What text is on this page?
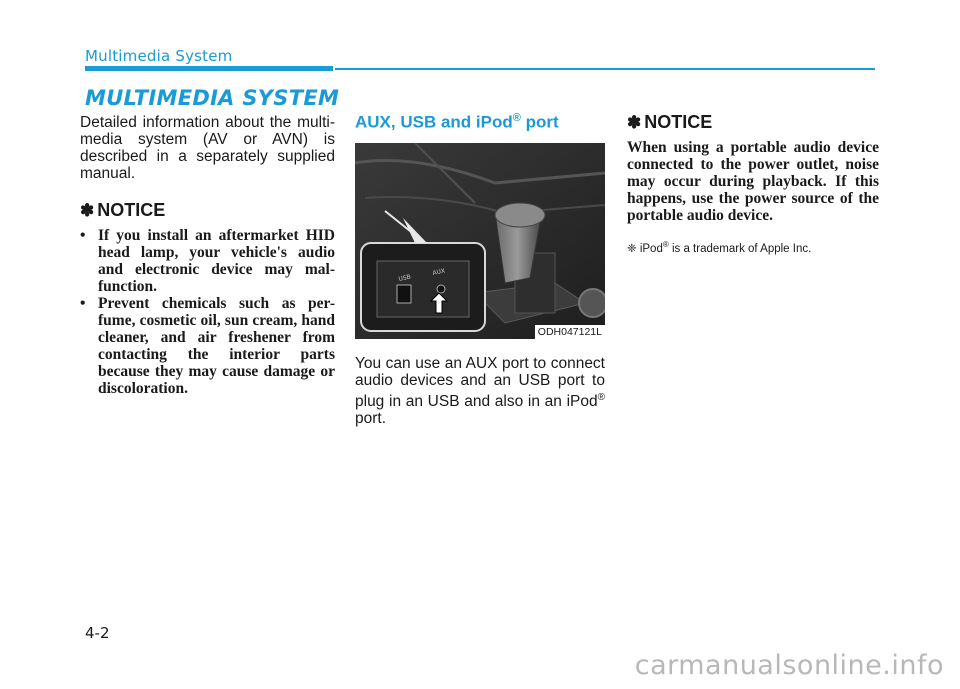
Multimedia System
MULTIMEDIA SYSTEM

Detailed information about the multi-media system (AV or AVN) is described in a separately supplied manual.

✽ NOTICE
• If you install an aftermarket HID head lamp, your vehicle's audio and electronic device may mal-function.
• Prevent chemicals such as per-fume, cosmetic oil, sun cream, hand cleaner, and air freshener from contacting the interior parts because they may cause damage or discoloration.
AUX, USB and iPod® port
USB
AUX
ODH047121L

You can use an AUX port to connect audio devices and an USB port to plug in an USB and also in an iPod® port.

✽ NOTICE

When using a portable audio device connected to the power outlet, noise may occur during playback. If this happens, use the power source of the portable audio device.

❈ iPod® is a trademark of Apple Inc.
4-2
carmanualsonline.info
